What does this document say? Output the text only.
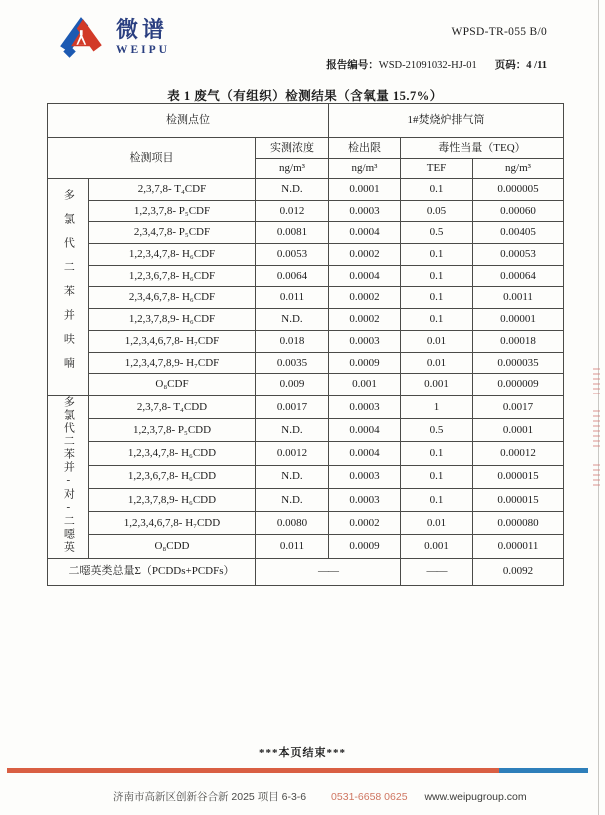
微谱
WEIPU
WPSD-TR-055 B/0
报告编号：WSD-21091032-HJ-01 页码：4 /11
表 1 废气（有组织）检测结果（含氧量 15.7%）
检测点位			1#焚烧炉排气筒		
检测项目		实测浓度	检出限	毒性当量（TEQ）	
		ng/m³	ng/m³	TEF	ng/m³
多氯代二苯并呋喃	2,3,7,8- T₄CDF	N.D.	0.0001	0.1	0.000005
	1,2,3,7,8- P₅CDF	0.012	0.0003	0.05	0.00060
	2,3,4,7,8- P₅CDF	0.0081	0.0004	0.5	0.00405
	1,2,3,4,7,8- H₆CDF	0.0053	0.0002	0.1	0.00053
	1,2,3,6,7,8- H₆CDF	0.0064	0.0004	0.1	0.00064
	2,3,4,6,7,8- H₆CDF	0.011	0.0002	0.1	0.0011
	1,2,3,7,8,9- H₆CDF	N.D.	0.0002	0.1	0.00001
	1,2,3,4,6,7,8- H₇CDF	0.018	0.0003	0.01	0.00018
	1,2,3,4,7,8,9- H₇CDF	0.0035	0.0009	0.01	0.000035
	O₈CDF	0.009	0.001	0.001	0.000009
多氯代二苯并-对-二噁英	2,3,7,8- T₄CDD	0.0017	0.0003	1	0.0017
	1,2,3,7,8- P₅CDD	N.D.	0.0004	0.5	0.0001
	1,2,3,4,7,8- H₆CDD	0.0012	0.0004	0.1	0.00012
	1,2,3,6,7,8- H₆CDD	N.D.	0.0003	0.1	0.000015
	1,2,3,7,8,9- H₆CDD	N.D.	0.0003	0.1	0.000015
	1,2,3,4,6,7,8- H₇CDD	0.0080	0.0002	0.01	0.000080
	O₈CDD	0.011	0.0009	0.001	0.000011
二噁英类总量Σ（PCDDs+PCDFs）		——		——	0.0092
***本页结束***
济南市高新区创新谷合新 2025 项目 6-3-6 0531-6658 0625 www.weipugroup.com
